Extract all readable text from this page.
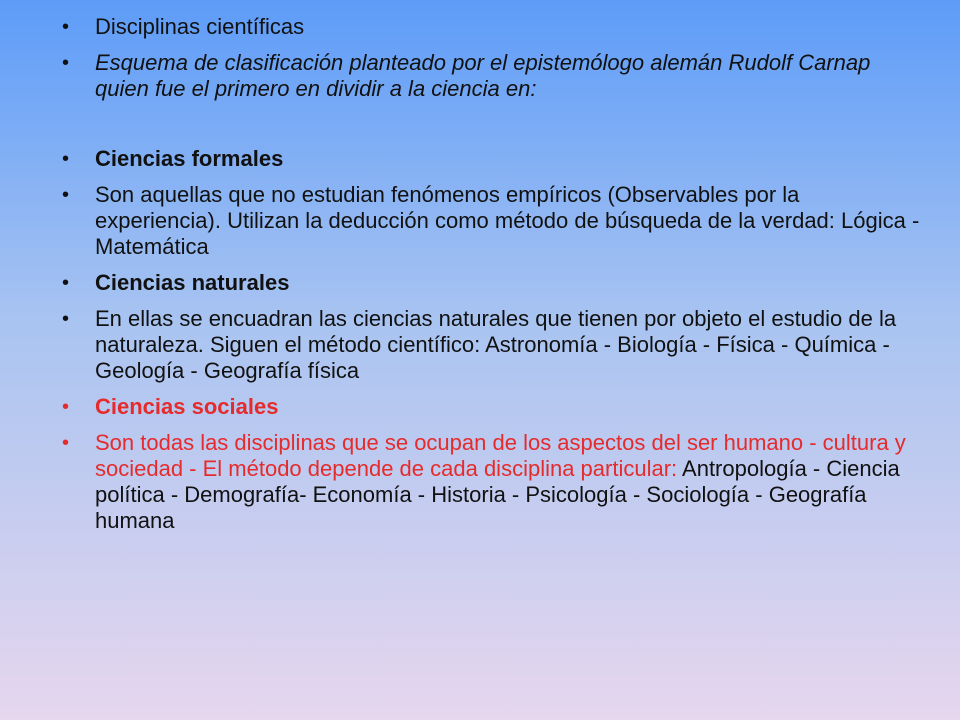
• Disciplinas científicas
• Esquema de clasificación planteado por el epistemólogo alemán Rudolf Carnap quien fue el primero en dividir a la ciencia en:
• Ciencias formales
• Son aquellas que no estudian fenómenos empíricos (Observables por la experiencia). Utilizan la deducción como método de búsqueda de la verdad: Lógica - Matemática
• Ciencias naturales
• En ellas se encuadran las ciencias naturales que tienen por objeto el estudio de la naturaleza. Siguen el método científico: Astronomía - Biología - Física - Química - Geología - Geografía física
• Ciencias sociales
• Son todas las disciplinas que se ocupan de los aspectos del ser humano - cultura y sociedad - El método depende de cada disciplina particular: Antropología - Ciencia política - Demografía- Economía - Historia - Psicología - Sociología - Geografía humana
